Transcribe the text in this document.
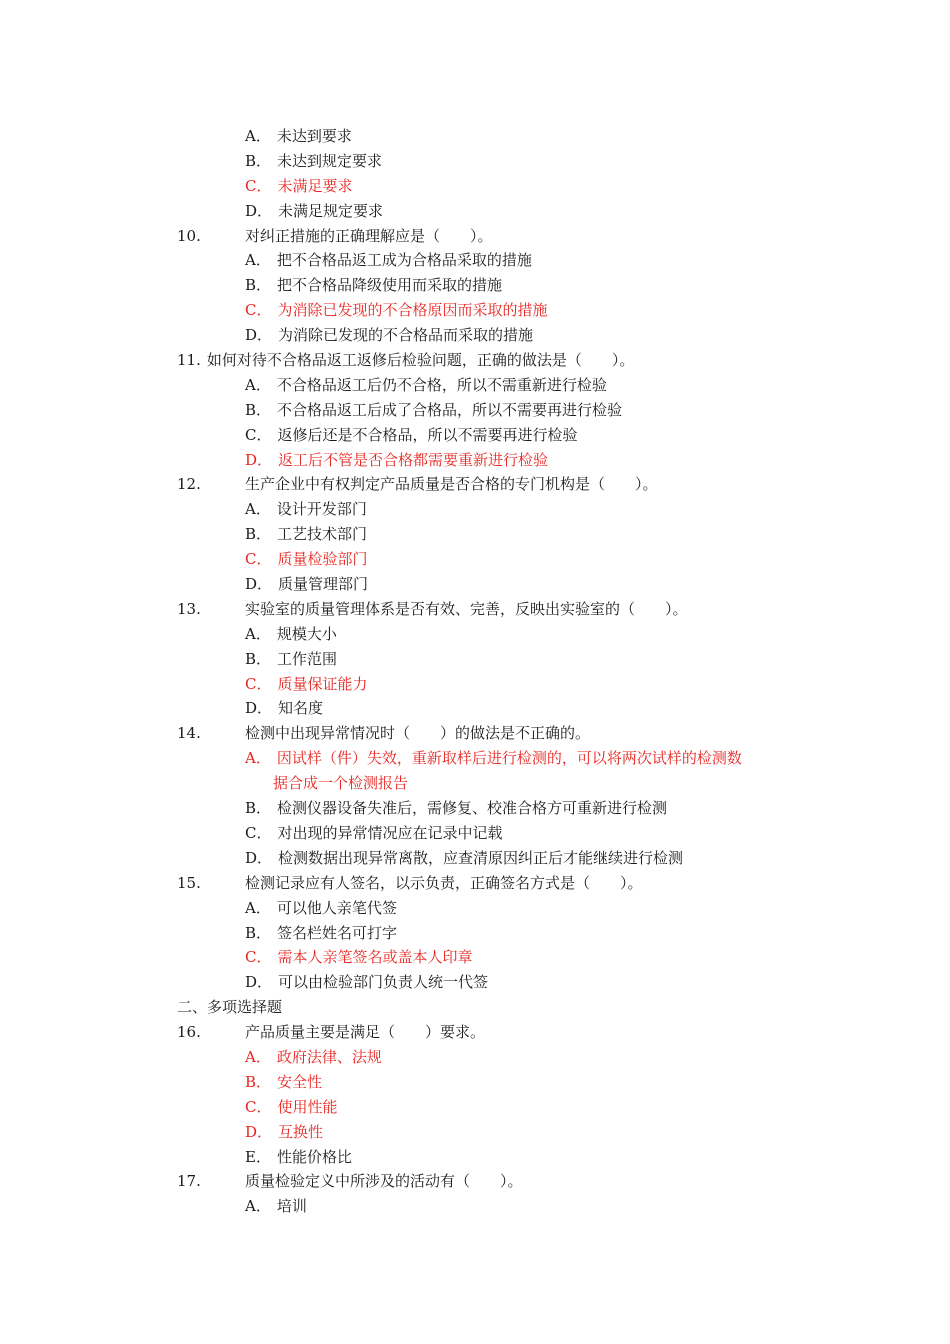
A． 未达到要求
B． 未达到规定要求
C． 未满足要求
D． 未满足规定要求
10.	对纠正措施的正确理解应是（　　）。
A． 把不合格品返工成为合格品采取的措施
B． 把不合格品降级使用而采取的措施
C． 为消除已发现的不合格原因而采取的措施
D． 为消除已发现的不合格品而采取的措施
11. 如何对待不合格品返工返修后检验问题，正确的做法是（　　）。
A． 不合格品返工后仍不合格，所以不需重新进行检验
B． 不合格品返工后成了合格品，所以不需要再进行检验
C． 返修后还是不合格品，所以不需要再进行检验
D． 返工后不管是否合格都需要重新进行检验
12.	生产企业中有权判定产品质量是否合格的专门机构是（　　）。
A． 设计开发部门
B． 工艺技术部门
C． 质量检验部门
D． 质量管理部门
13.	实验室的质量管理体系是否有效、完善，反映出实验室的（　　）。
A． 规模大小
B． 工作范围
C． 质量保证能力
D． 知名度
14.	检测中出现异常情况时（　　）的做法是不正确的。
A． 因试样（件）失效，重新取样后进行检测的，可以将两次试样的检测数
据合成一个检测报告
B． 检测仪器设备失准后，需修复、校准合格方可重新进行检测
C． 对出现的异常情况应在记录中记载
D． 检测数据出现异常离散，应查清原因纠正后才能继续进行检测
15.	检测记录应有人签名，以示负责，正确签名方式是（　　）。
A． 可以他人亲笔代签
B． 签名栏姓名可打字
C． 需本人亲笔签名或盖本人印章
D． 可以由检验部门负责人统一代签
二、多项选择题
16.	产品质量主要是满足（　　）要求。
A． 政府法律、法规
B． 安全性
C． 使用性能
D． 互换性
E． 性能价格比
17.	质量检验定义中所涉及的活动有（　　）。
A． 培训
